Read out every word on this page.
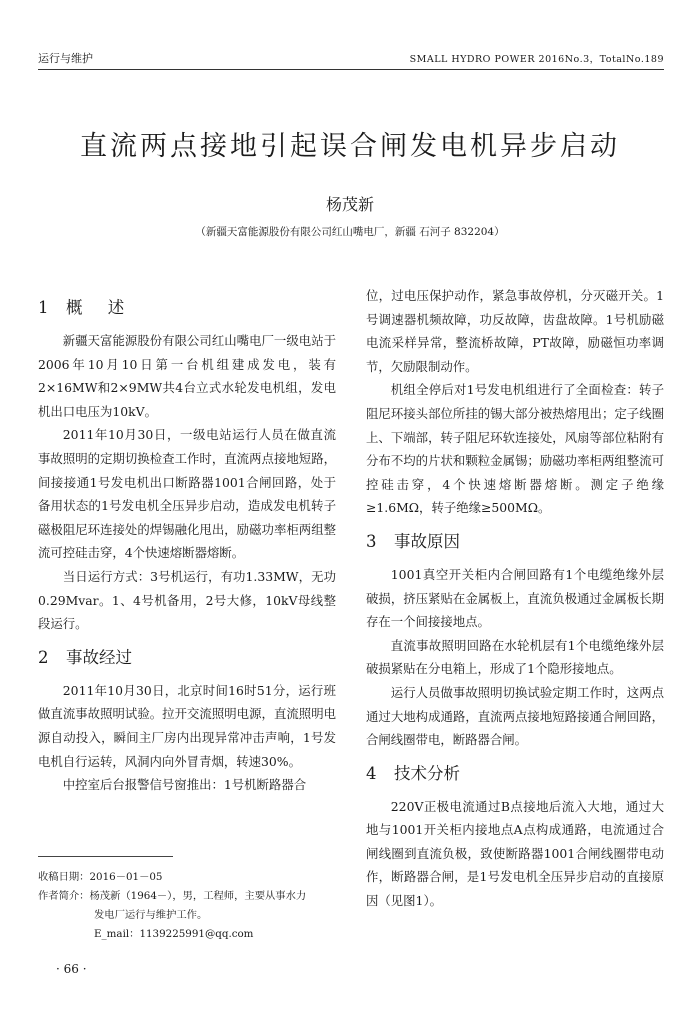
运行与维护	SMALL HYDRO POWER 2016No.3，TotalNo.189
直流两点接地引起误合闸发电机异步启动
杨茂新
（新疆天富能源股份有限公司红山嘴电厂，新疆 石河子 832204）
1 概 述

新疆天富能源股份有限公司红山嘴电厂一级电站于2006年10月10日第一台机组建成发电，装有2×16MW和2×9MW共4台立式水轮发电机组，发电机出口电压为10kV。

2011年10月30日，一级电站运行人员在做直流事故照明的定期切换检查工作时，直流两点接地短路，间接接通1号发电机出口断路器1001合闸回路，处于备用状态的1号发电机全压异步启动，造成发电机转子磁极阻尼环连接处的焊锡融化甩出，励磁功率柜两组整流可控硅击穿，4个快速熔断器熔断。

当日运行方式：3号机运行，有功1.33MW，无功0.29Mvar。1、4号机备用，2号大修，10kV母线整段运行。

2 事故经过

2011年10月30日，北京时间16时51分，运行班做直流事故照明试验。拉开交流照明电源，直流照明电源自动投入，瞬间主厂房内出现异常冲击声响，1号发电机自行运转，风洞内向外冒青烟，转速30%。

中控室后台报警信号窗推出：1号机断路器合

位，过电压保护动作，紧急事故停机，分灭磁开关。1号调速器机频故障，功反故障，齿盘故障。1号机励磁电流采样异常，整流桥故障，PT故障，励磁恒功率调节，欠励限制动作。

机组全停后对1号发电机组进行了全面检查：转子阻尼环接头部位所挂的锡大部分被热熔甩出；定子线圈上、下端部，转子阻尼环软连接处，风扇等部位粘附有分布不均的片状和颗粒金属锡；励磁功率柜两组整流可控硅击穿，4个快速熔断器熔断。测定子绝缘≥1.6MΩ，转子绝缘≥500MΩ。

3 事故原因

1001真空开关柜内合闸回路有1个电缆绝缘外层破损，挤压紧贴在金属板上，直流负极通过金属板长期存在一个间接接地点。

直流事故照明回路在水轮机层有1个电缆绝缘外层破损紧贴在分电箱上，形成了1个隐形接地点。

运行人员做事故照明切换试验定期工作时，这两点通过大地构成通路，直流两点接地短路接通合闸回路，合闸线圈带电，断路器合闸。

4 技术分析

220V正极电流通过B点接地后流入大地，通过大地与1001开关柜内接地点A点构成通路，电流通过合闸线圈到直流负极，致使断路器1001合闸线圈带电动作，断路器合闸，是1号发电机全压异步启动的直接原因（见图1）。

收稿日期：2016－01－05
作者简介：杨茂新（1964－），男，工程师，主要从事水力
发电厂运行与维护工作。
E_mail：1139225991@qq.com
· 66 ·
